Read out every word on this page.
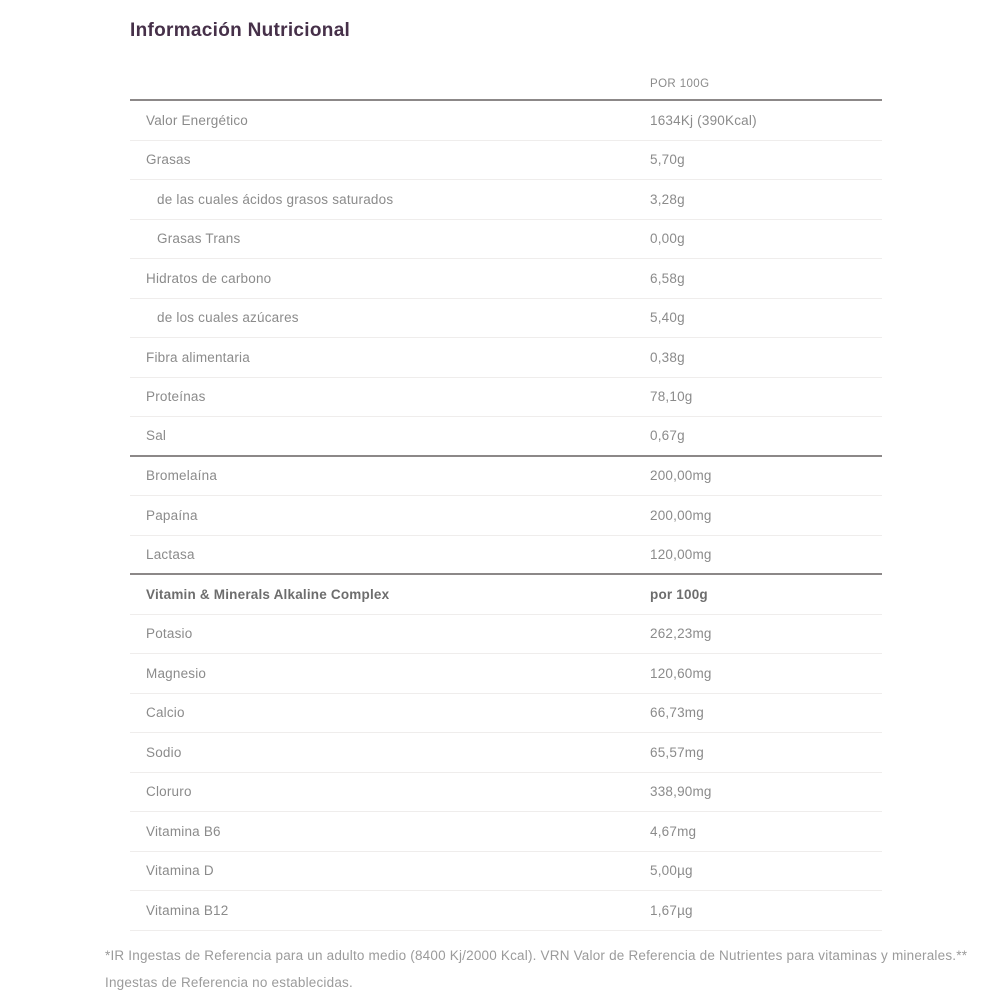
Información Nutricional
POR 100G
Valor Energético	1634Kj (390Kcal)
Grasas	5,70g
de las cuales ácidos grasos saturados	3,28g
Grasas Trans	0,00g
Hidratos de carbono	6,58g
de los cuales azúcares	5,40g
Fibra alimentaria	0,38g
Proteínas	78,10g
Sal	0,67g
Bromelaína	200,00mg
Papaína	200,00mg
Lactasa	120,00mg
Vitamin & Minerals Alkaline Complex	por 100g
Potasio	262,23mg
Magnesio	120,60mg
Calcio	66,73mg
Sodio	65,57mg
Cloruro	338,90mg
Vitamina B6	4,67mg
Vitamina D	5,00µg
Vitamina B12	1,67µg

*IR Ingestas de Referencia para un adulto medio (8400 Kj/2000 Kcal). VRN Valor de Referencia de Nutrientes para vitaminas y minerales.** Ingestas de Referencia no establecidas.
